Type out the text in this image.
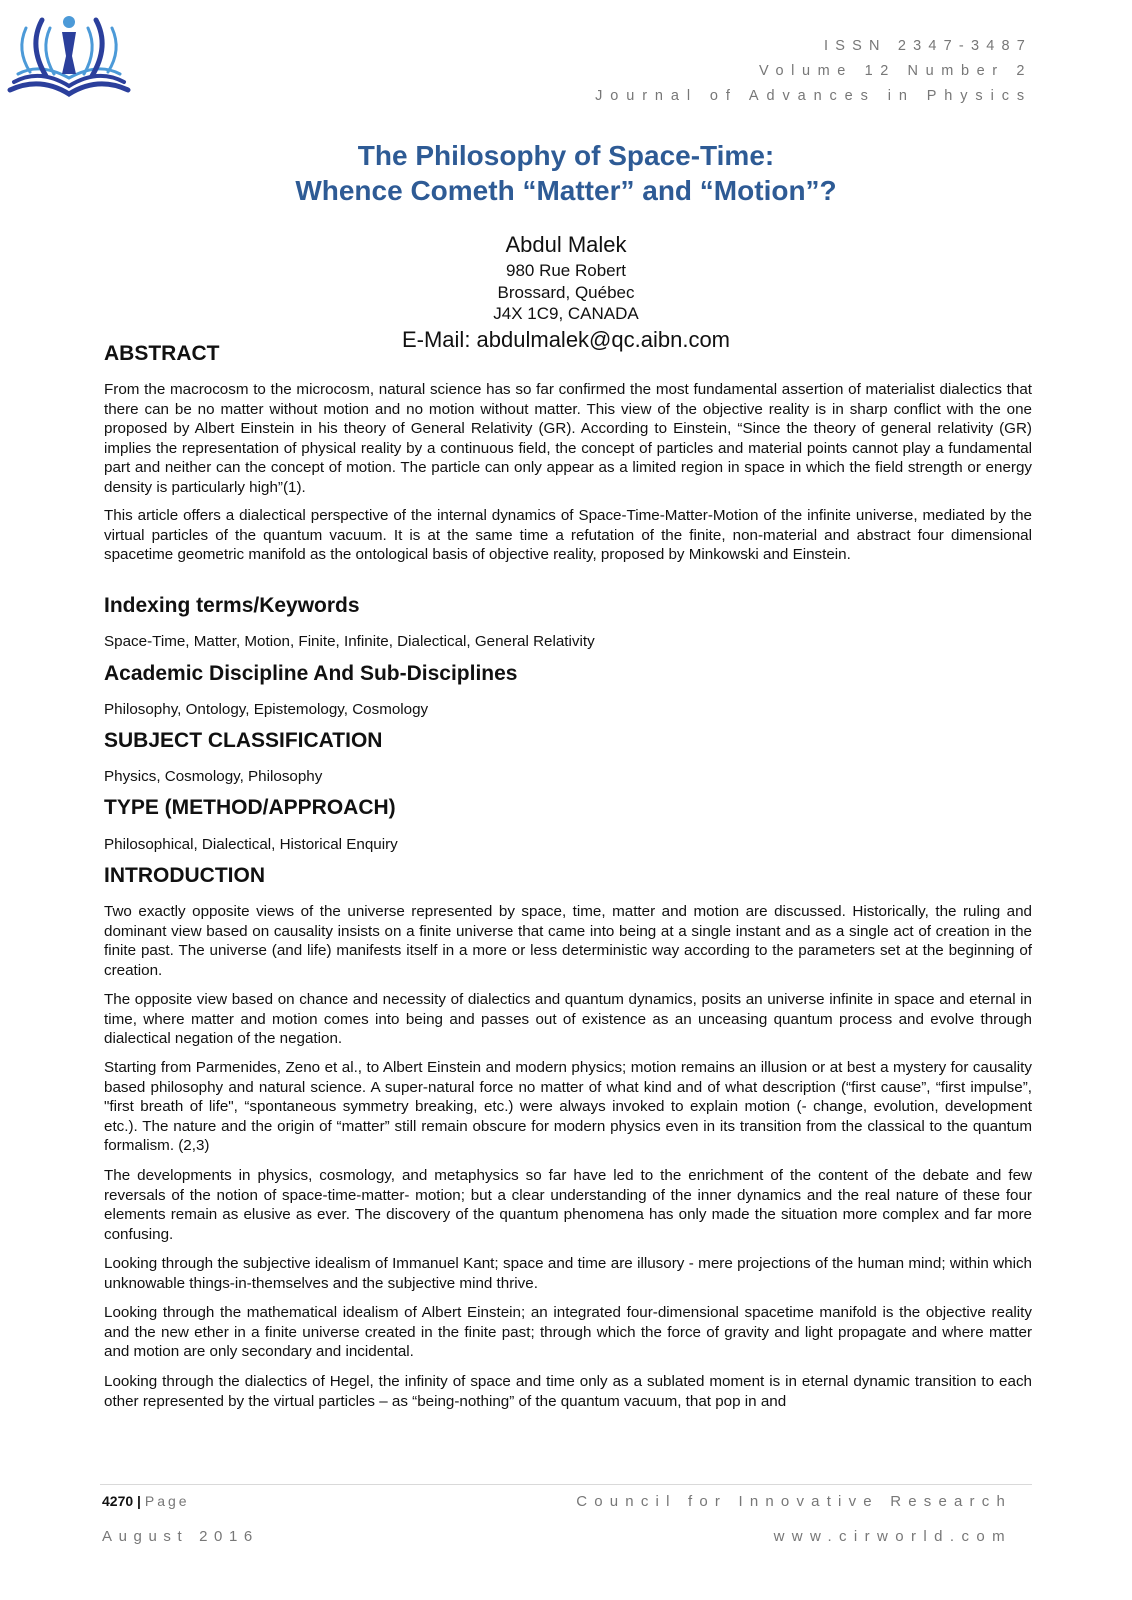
ISSN 2347-3487
Volume 12 Number 2
Journal of Advances in Physics
The Philosophy of Space-Time:
Whence Cometh “Matter” and “Motion”?
Abdul Malek
980 Rue Robert
Brossard, Québec
J4X 1C9, CANADA
E-Mail: abdulmalek@qc.aibn.com
ABSTRACT
From the macrocosm to the microcosm, natural science has so far confirmed the most fundamental assertion of materialist dialectics that there can be no matter without motion and no motion without matter. This view of the objective reality is in sharp conflict with the one proposed by Albert Einstein in his theory of General Relativity (GR). According to Einstein, “Since the theory of general relativity (GR) implies the representation of physical reality by a continuous field, the concept of particles and material points cannot play a fundamental part and neither can the concept of motion. The particle can only appear as a limited region in space in which the field strength or energy density is particularly high”(1).
This article offers a dialectical perspective of the internal dynamics of Space-Time-Matter-Motion of the infinite universe, mediated by the virtual particles of the quantum vacuum. It is at the same time a refutation of the finite, non-material and abstract four dimensional spacetime geometric manifold as the ontological basis of objective reality, proposed by Minkowski and Einstein.
Indexing terms/Keywords
Space-Time, Matter, Motion, Finite, Infinite, Dialectical, General Relativity
Academic Discipline And Sub-Disciplines
Philosophy, Ontology, Epistemology, Cosmology
SUBJECT CLASSIFICATION
Physics, Cosmology, Philosophy
TYPE (METHOD/APPROACH)
Philosophical, Dialectical, Historical Enquiry
INTRODUCTION
Two exactly opposite views of the universe represented by space, time, matter and motion are discussed. Historically, the ruling and dominant view based on causality insists on a finite universe that came into being at a single instant and as a single act of creation in the finite past. The universe (and life) manifests itself in a more or less deterministic way according to the parameters set at the beginning of creation.
The opposite view based on chance and necessity of dialectics and quantum dynamics, posits an universe infinite in space and eternal in time, where matter and motion comes into being and passes out of existence as an unceasing quantum process and evolve through dialectical negation of the negation.
Starting from Parmenides, Zeno et al., to Albert Einstein and modern physics; motion remains an illusion or at best a mystery for causality based philosophy and natural science. A super-natural force no matter of what kind and of what description (“first cause”, “first impulse”, "first breath of life", “spontaneous symmetry breaking, etc.) were always invoked to explain motion (- change, evolution, development etc.). The nature and the origin of “matter” still remain obscure for modern physics even in its transition from the classical to the quantum formalism. (2,3)
The developments in physics, cosmology, and metaphysics so far have led to the enrichment of the content of the debate and few reversals of the notion of space-time-matter- motion; but a clear understanding of the inner dynamics and the real nature of these four elements remain as elusive as ever. The discovery of the quantum phenomena has only made the situation more complex and far more confusing.
Looking through the subjective idealism of Immanuel Kant; space and time are illusory - mere projections of the human mind; within which unknowable things-in-themselves and the subjective mind thrive.
Looking through the mathematical idealism of Albert Einstein; an integrated four-dimensional spacetime manifold is the objective reality and the new ether in a finite universe created in the finite past; through which the force of gravity and light propagate and where matter and motion are only secondary and incidental.
Looking through the dialectics of Hegel, the infinity of space and time only as a sublated moment is in eternal dynamic transition to each other represented by the virtual particles – as “being-nothing” of the quantum vacuum, that pop in and
4270 | Page	Council for Innovative Research
August 2016	www.cirworld.com
